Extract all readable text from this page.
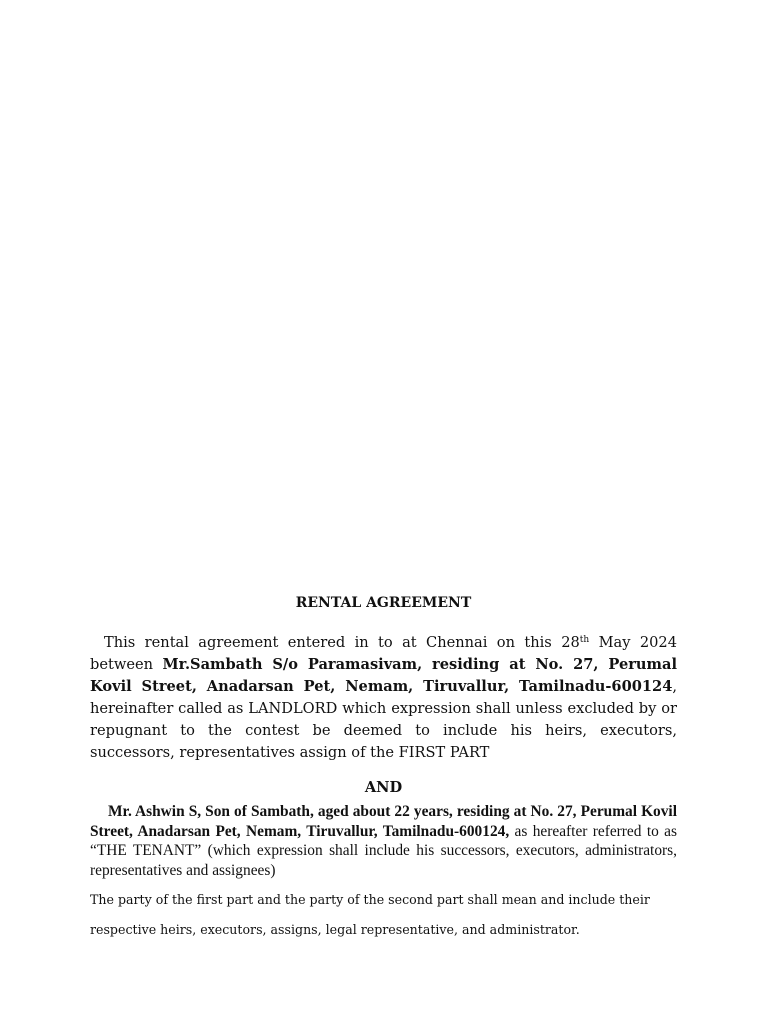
RENTAL AGREEMENT

This rental agreement entered in to at Chennai on this 28th May 2024 between Mr.Sambath S/o Paramasivam, residing at No. 27, Perumal Kovil Street, Anadarsan Pet, Nemam, Tiruvallur, Tamilnadu-600124, hereinafter called as LANDLORD which expression shall unless excluded by or repugnant to the contest be deemed to include his heirs, executors, successors, representatives assign of the FIRST PART

AND

Mr. Ashwin S, Son of Sambath, aged about 22 years, residing at No. 27, Perumal Kovil Street, Anadarsan Pet, Nemam, Tiruvallur, Tamilnadu-600124, as hereafter referred to as “THE TENANT” (which expression shall include his successors, executors, administrators, representatives and assignees)

The party of the first part and the party of the second part shall mean and include their
respective heirs, executors, assigns, legal representative, and administrator.
